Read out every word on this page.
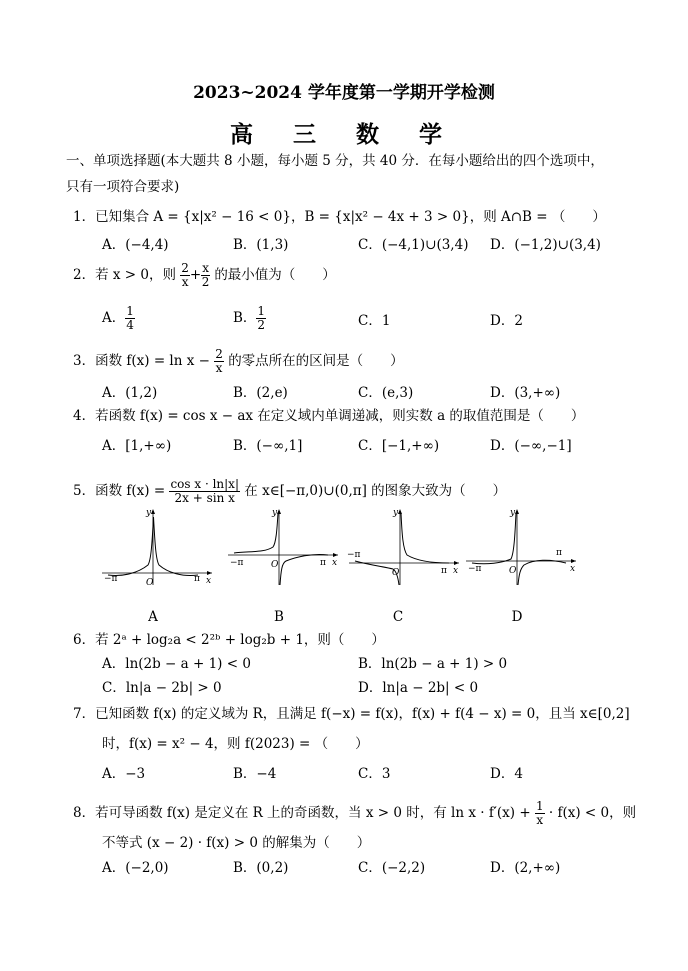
2023~2024 学年度第一学期开学检测
高 三 数 学
一、单项选择题(本大题共 8 小题，每小题 5 分，共 40 分．在每小题给出的四个选项中，
只有一项符合要求)
1．已知集合 A = {x|x² − 16 < 0}，B = {x|x² − 4x + 3 > 0}，则 A∩B = （　　）
A．(−4,4)	B．(1,3)	C．(−4,1)∪(3,4) D．(−1,2)∪(3,4)
2．若 x > 0，则 $\frac{2}{x} + \frac{x}{2}$ 的最小值为（　　）
A． $\frac{1}{4}$	B． $\frac{1}{2}$	C．1	D．2
3．函数 $f(x) = \ln x - \frac{2}{x}$ 的零点所在的区间是（　　）
A．(1,2)	B．(2,e)	C．(e,3)	D．(3,+∞)
4．若函数 f(x) = cos x − ax 在定义域内单调递减，则实数 a 的取值范围是（　　）
A．[1,+∞)	B．(−∞,1]	C．[−1,+∞)	D．(−∞,−1]
5．函数 $f(x) = \frac{\text{cos x · ln|x|}}{\text{2x + sin x}}$ 在 x∈[−π,0)∪(0,π] 的图象大致为（　　）
y
x
O
−π	π
y
x
O
−π	π
y
x
O
−π
π
y
x
O
−π
π
A	B	C	D
6．若 2ᵃ + log₂a < 2²ᵇ + log₂b + 1，则（　　）
A．ln(2b − a + 1) < 0	B．ln(2b − a + 1) > 0
C．ln|a − 2b| > 0	D．ln|a − 2b| < 0
7．已知函数 f(x) 的定义域为 R，且满足 f(−x) = f(x)，f(x) + f(4 − x) = 0，且当 x∈[0,2]
时，f(x) = x² − 4，则 f(2023) = （　　）
A．−3	B．−4	C．3	D．4
8．若可导函数 f(x) 是定义在 R 上的奇函数，当 x > 0 时，有 $\ln x \cdot f'(x) + \frac{1}{x} \cdot f(x) < 0$，则
不等式 (x − 2) · f(x) > 0 的解集为（　　）
A．(−2,0)	B．(0,2)	C．(−2,2)	D．(2,+∞)
